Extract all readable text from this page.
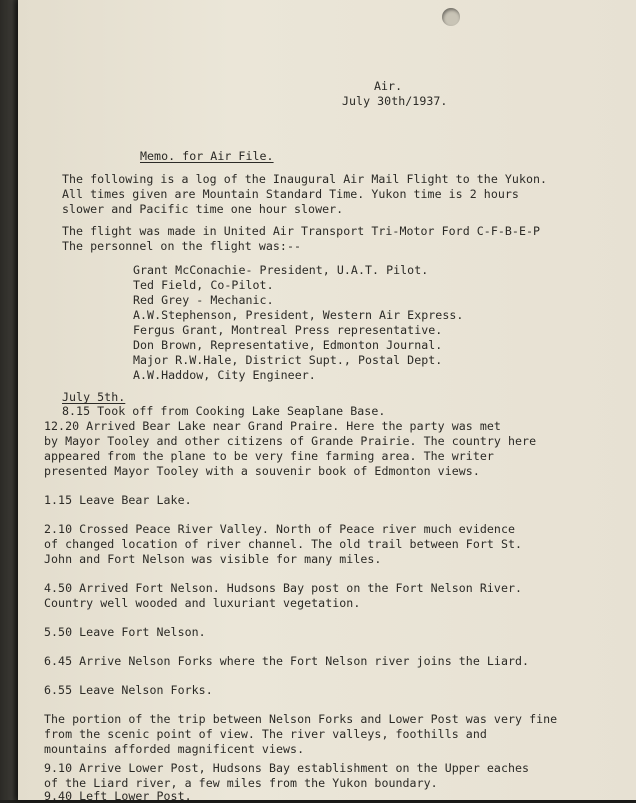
Air.
July 30th/1937.
Memo. for Air File.
The following is a log of the Inaugural Air Mail Flight to the Yukon.
All times given are Mountain Standard Time. Yukon time is 2 hours
slower and Pacific time one hour slower.
The flight was made in United Air Transport Tri-Motor Ford C-F-B-E-P
The personnel on the flight was:--
Grant McConachie- President, U.A.T. Pilot.
Ted Field, Co-Pilot.
Red Grey - Mechanic.
A.W.Stephenson, President, Western Air Express.
Fergus Grant, Montreal Press representative.
Don Brown, Representative, Edmonton Journal.
Major R.W.Hale, District Supt., Postal Dept.
A.W.Haddow, City Engineer.
July 5th.
8.15 Took off from Cooking Lake Seaplane Base.
12.20 Arrived Bear Lake near Grand Praire. Here the party was met
by Mayor Tooley and other citizens of Grande Prairie. The country here
appeared from the plane to be very fine farming area. The writer
presented Mayor Tooley with a souvenir book of Edmonton views.
1.15 Leave Bear Lake.
2.10 Crossed Peace River Valley. North of Peace river much evidence
of changed location of river channel. The old trail between Fort St.
John and Fort Nelson was visible for many miles.
4.50 Arrived Fort Nelson. Hudsons Bay post on the Fort Nelson River.
Country well wooded and luxuriant vegetation.
5.50 Leave Fort Nelson.
6.45 Arrive Nelson Forks where the Fort Nelson river joins the Liard.
6.55 Leave Nelson Forks.
The portion of the trip between Nelson Forks and Lower Post was very fine
from the scenic point of view. The river valleys, foothills and
mountains afforded magnificent views.
9.10 Arrive Lower Post, Hudsons Bay establishment on the Upper eaches
of the Liard river, a few miles from the Yukon boundary.
9.40 Left Lower Post.
